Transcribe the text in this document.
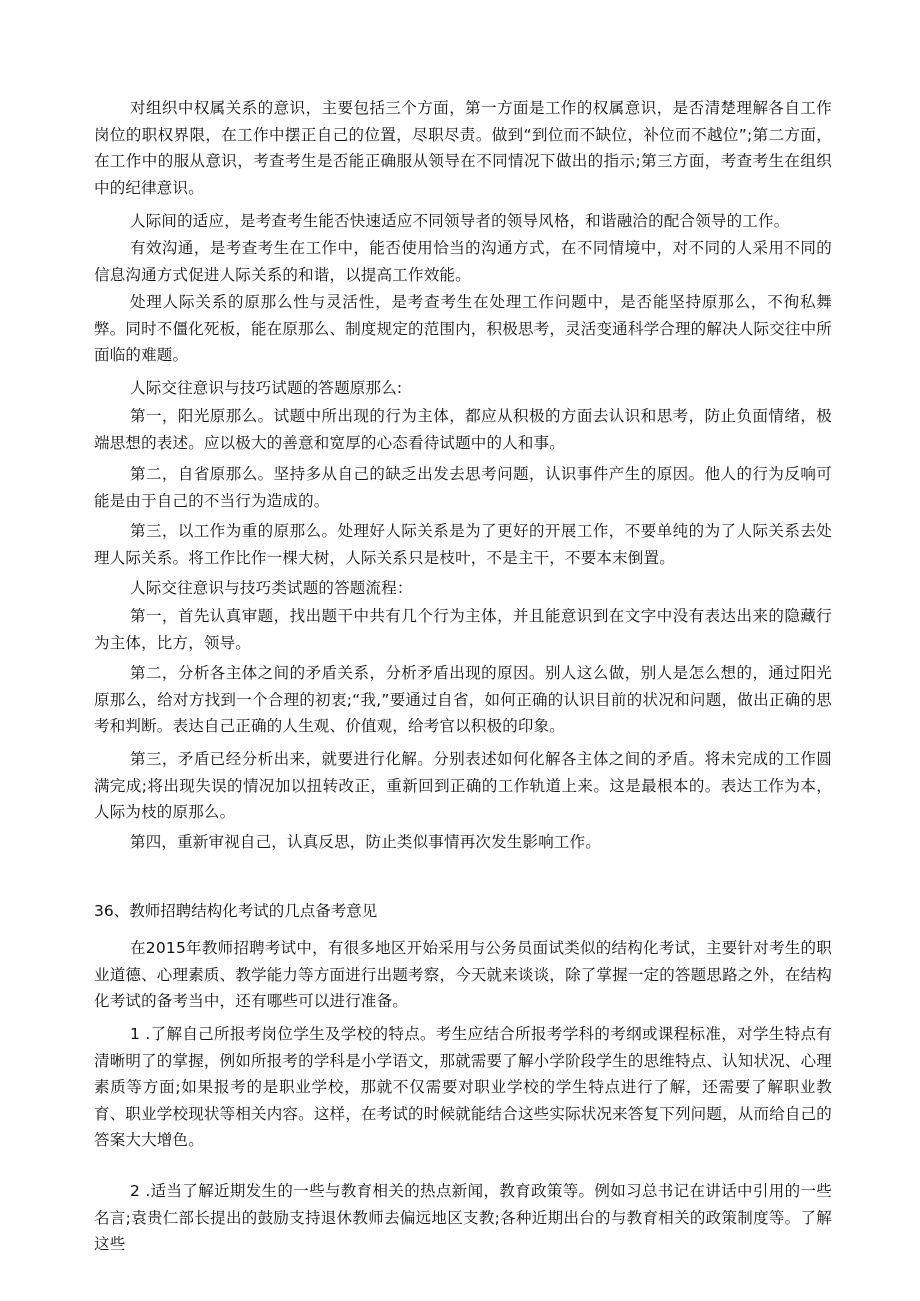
对组织中权属关系的意识，主要包括三个方面，第一方面是工作的权属意识，是否清楚理解各自工作岗位的职权界限，在工作中摆正自己的位置，尽职尽责。做到“到位而不缺位，补位而不越位”;第二方面，在工作中的服从意识，考查考生是否能正确服从领导在不同情况下做出的指示;第三方面，考查考生在组织中的纪律意识。

人际间的适应，是考查考生能否快速适应不同领导者的领导风格，和谐融洽的配合领导的工作。

有效沟通，是考查考生在工作中，能否使用恰当的沟通方式，在不同情境中，对不同的人采用不同的信息沟通方式促进人际关系的和谐，以提高工作效能。

处理人际关系的原那么性与灵活性，是考查考生在处理工作问题中，是否能坚持原那么，不徇私舞弊。同时不僵化死板，能在原那么、制度规定的范围内，积极思考，灵活变通科学合理的解决人际交往中所面临的难题。

人际交往意识与技巧试题的答题原那么:

第一，阳光原那么。试题中所出现的行为主体，都应从积极的方面去认识和思考，防止负面情绪，极端思想的表述。应以极大的善意和宽厚的心态看待试题中的人和事。

第二，自省原那么。坚持多从自己的缺乏出发去思考问题，认识事件产生的原因。他人的行为反响可能是由于自己的不当行为造成的。

第三，以工作为重的原那么。处理好人际关系是为了更好的开展工作，不要单纯的为了人际关系去处理人际关系。将工作比作一棵大树，人际关系只是枝叶，不是主干，不要本末倒置。

人际交往意识与技巧类试题的答题流程：

第一，首先认真审题，找出题干中共有几个行为主体，并且能意识到在文字中没有表达出来的隐藏行为主体，比方，领导。

第二，分析各主体之间的矛盾关系，分析矛盾出现的原因。别人这么做，别人是怎么想的，通过阳光原那么，给对方找到一个合理的初衷;“我,”要通过自省，如何正确的认识目前的状况和问题，做出正确的思考和判断。表达自己正确的人生观、价值观，给考官以积极的印象。

第三，矛盾已经分析出来，就要进行化解。分别表述如何化解各主体之间的矛盾。将未完成的工作圆满完成;将出现失误的情况加以扭转改正，重新回到正确的工作轨道上来。这是最根本的。表达工作为本，人际为枝的原那么。

第四，重新审视自己，认真反思，防止类似事情再次发生影响工作。

36、教师招聘结构化考试的几点备考意见

在2015年教师招聘考试中，有很多地区开始采用与公务员面试类似的结构化考试，主要针对考生的职业道德、心理素质、教学能力等方面进行出题考察，今天就来谈谈，除了掌握一定的答题思路之外，在结构化考试的备考当中，还有哪些可以进行准备。

1 .了解自己所报考岗位学生及学校的特点。考生应结合所报考学科的考纲或课程标准，对学生特点有清晰明了的掌握，例如所报考的学科是小学语文，那就需要了解小学阶段学生的思维特点、认知状况、心理素质等方面;如果报考的是职业学校，那就不仅需要对职业学校的学生特点进行了解，还需要了解职业教育、职业学校现状等相关内容。这样，在考试的时候就能结合这些实际状况来答复下列问题，从而给自己的答案大大增色。

2 .适当了解近期发生的一些与教育相关的热点新闻，教育政策等。例如习总书记在讲话中引用的一些名言;袁贵仁部长提出的鼓励支持退休教师去偏远地区支教;各种近期出台的与教育相关的政策制度等。了解这些
